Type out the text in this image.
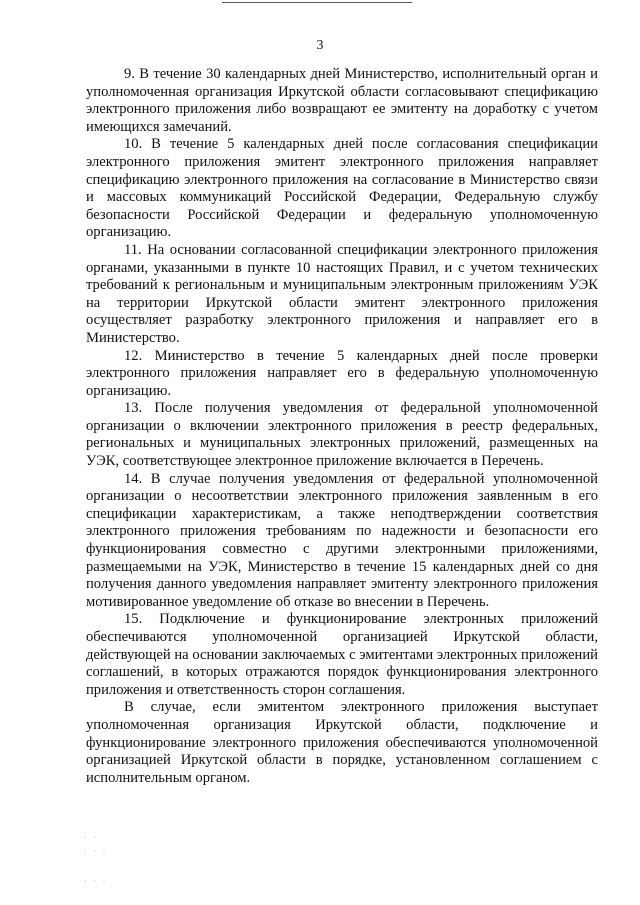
3

9. В течение 30 календарных дней Министерство, исполнительный орган и уполномоченная организация Иркутской области согласовывают спецификацию электронного приложения либо возвращают ее эмитенту на доработку с учетом имеющихся замечаний.

10. В течение 5 календарных дней после согласования спецификации электронного приложения эмитент электронного приложения направляет спецификацию электронного приложения на согласование в Министерство связи и массовых коммуникаций Российской Федерации, Федеральную службу безопасности Российской Федерации и федеральную уполномоченную организацию.

11. На основании согласованной спецификации электронного приложения органами, указанными в пункте 10 настоящих Правил, и с учетом технических требований к региональным и муниципальным электронным приложениям УЭК на территории Иркутской области эмитент электронного приложения осуществляет разработку электронного приложения и направляет его в Министерство.

12. Министерство в течение 5 календарных дней после проверки электронного приложения направляет его в федеральную уполномоченную организацию.

13. После получения уведомления от федеральной уполномоченной организации о включении электронного приложения в реестр федеральных, региональных и муниципальных электронных приложений, размещенных на УЭК, соответствующее электронное приложение включается в Перечень.

14. В случае получения уведомления от федеральной уполномоченной организации о несоответствии электронного приложения заявленным в его спецификации характеристикам, а также неподтверждении соответствия электронного приложения требованиям по надежности и безопасности его функционирования совместно с другими электронными приложениями, размещаемыми на УЭК, Министерство в течение 15 календарных дней со дня получения данного уведомления направляет эмитенту электронного приложения мотивированное уведомление об отказе во внесении в Перечень.

15. Подключение и функционирование электронных приложений обеспечиваются уполномоченной организацией Иркутской области, действующей на основании заключаемых с эмитентами электронных приложений соглашений, в которых отражаются порядок функционирования электронного приложения и ответственность сторон соглашения.

В случае, если эмитентом электронного приложения выступает уполномоченная организация Иркутской области, подключение и функционирование электронного приложения обеспечиваются уполномоченной организацией Иркутской области в порядке, установленном соглашением с исполнительным органом.

· ·
· · ·
· · ·
